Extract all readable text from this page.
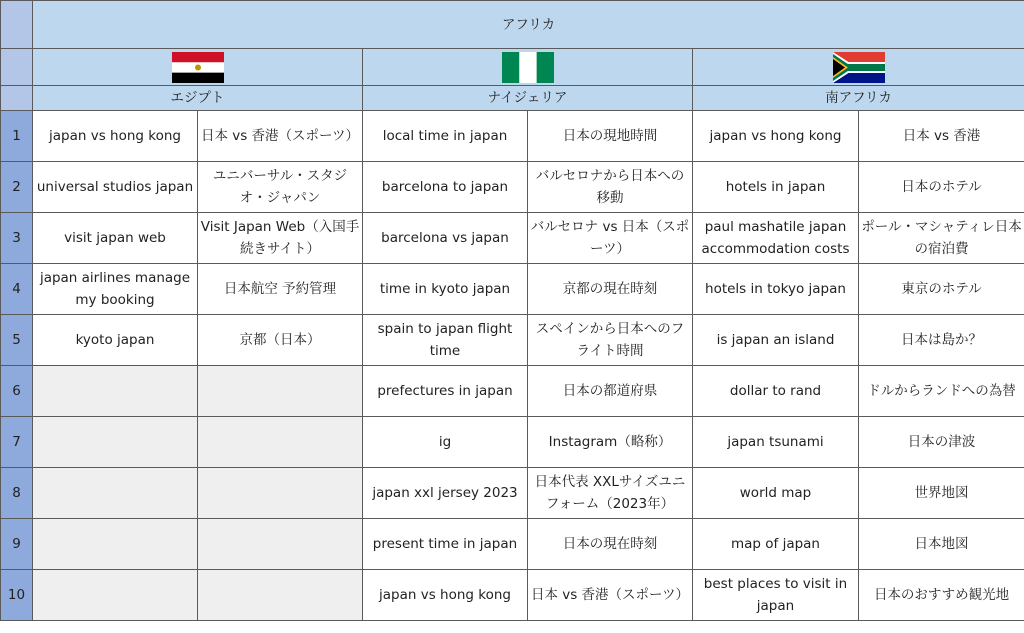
	アフリカ					

	エジプト		ナイジェリア		南アフリカ	
1	japan vs hong kong	日本 vs 香港（スポーツ）	local time in japan	日本の現地時間	japan vs hong kong	日本 vs 香港
2	universal studios japan	ユニバーサル・スタジオ・ジャパン	barcelona to japan	バルセロナから日本への移動	hotels in japan	日本のホテル
3	visit japan web	Visit Japan Web（入国手続きサイト）	barcelona vs japan	バルセロナ vs 日本（スポーツ）	paul mashatile japan accommodation costs	ポール・マシャティレ日本の宿泊費
4	japan airlines manage my booking	日本航空 予約管理	time in kyoto japan	京都の現在時刻	hotels in tokyo japan	東京のホテル
5	kyoto japan	京都（日本）	spain to japan flight time	スペインから日本へのフライト時間	is japan an island	日本は島か？
6			prefectures in japan	日本の都道府県	dollar to rand	ドルからランドへの為替
7			ig	Instagram（略称）	japan tsunami	日本の津波
8			japan xxl jersey 2023	日本代表 XXLサイズユニフォーム（2023年）	world map	世界地図
9			present time in japan	日本の現在時刻	map of japan	日本地図
10			japan vs hong kong	日本 vs 香港（スポーツ）	best places to visit in japan	日本のおすすめ観光地
